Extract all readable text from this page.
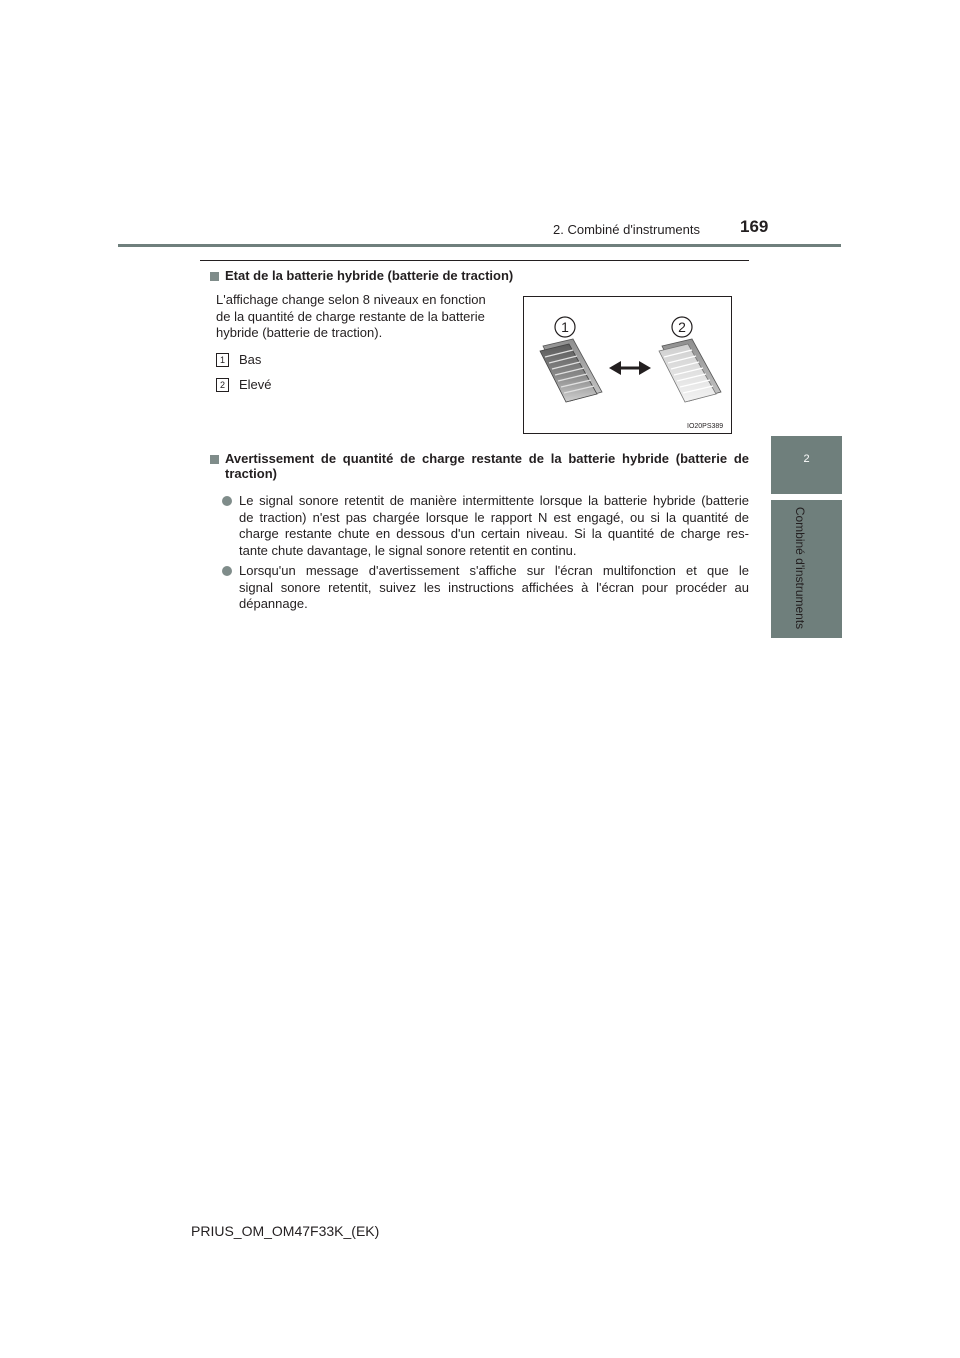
2. Combiné d'instruments 169
2
Combiné d'instruments
Etat de la batterie hybride (batterie de traction)
L'affichage change selon 8 niveaux en fonction
de la quantité de charge restante de la batterie
hybride (batterie de traction).
1	Bas
2	Elevé
1	2
IO20PS389
Avertissement de quantité de charge restante de la batterie hybride (batterie de
traction)
Le signal sonore retentit de manière intermittente lorsque la batterie hybride (batterie
de traction) n'est pas chargée lorsque le rapport N est engagé, ou si la quantité de
charge restante chute en dessous d'un certain niveau. Si la quantité de charge res-
tante chute davantage, le signal sonore retentit en continu.
Lorsqu'un message d'avertissement s'affiche sur l'écran multifonction et que le
signal sonore retentit, suivez les instructions affichées à l'écran pour procéder au
dépannage.
PRIUS_OM_OM47F33K_(EK)
